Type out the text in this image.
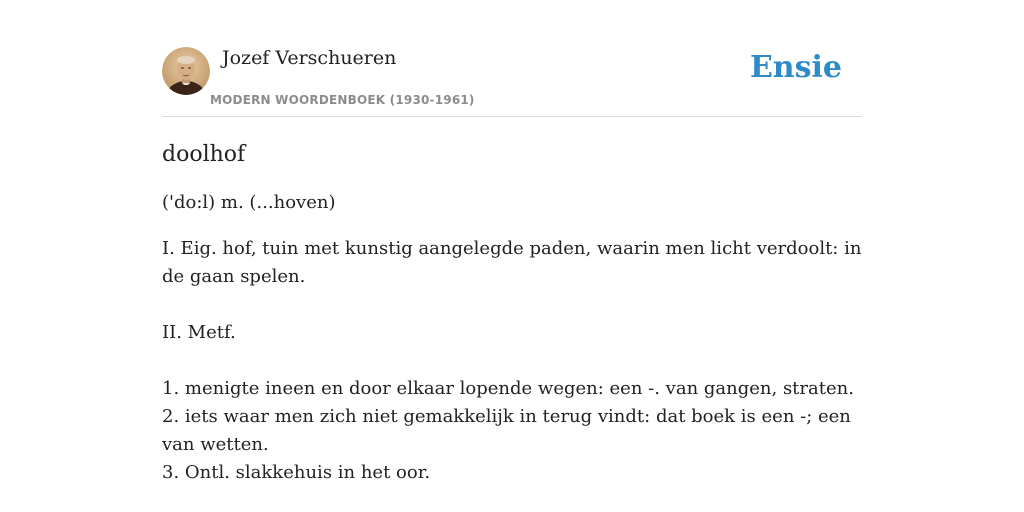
Jozef Verschueren
MODERN WOORDENBOEK (1930-1961)
Ensie
doolhof
('do:l) m. (...hoven)
I. Eig. hof, tuin met kunstig aangelegde paden, waarin men licht verdoolt: in de gaan spelen.
II. Metf.
1. menigte ineen en door elkaar lopende wegen: een -. van gangen, straten.
2. iets waar men zich niet gemakkelijk in terug vindt: dat boek is een -; een van wetten.
3. Ontl. slakkehuis in het oor.
